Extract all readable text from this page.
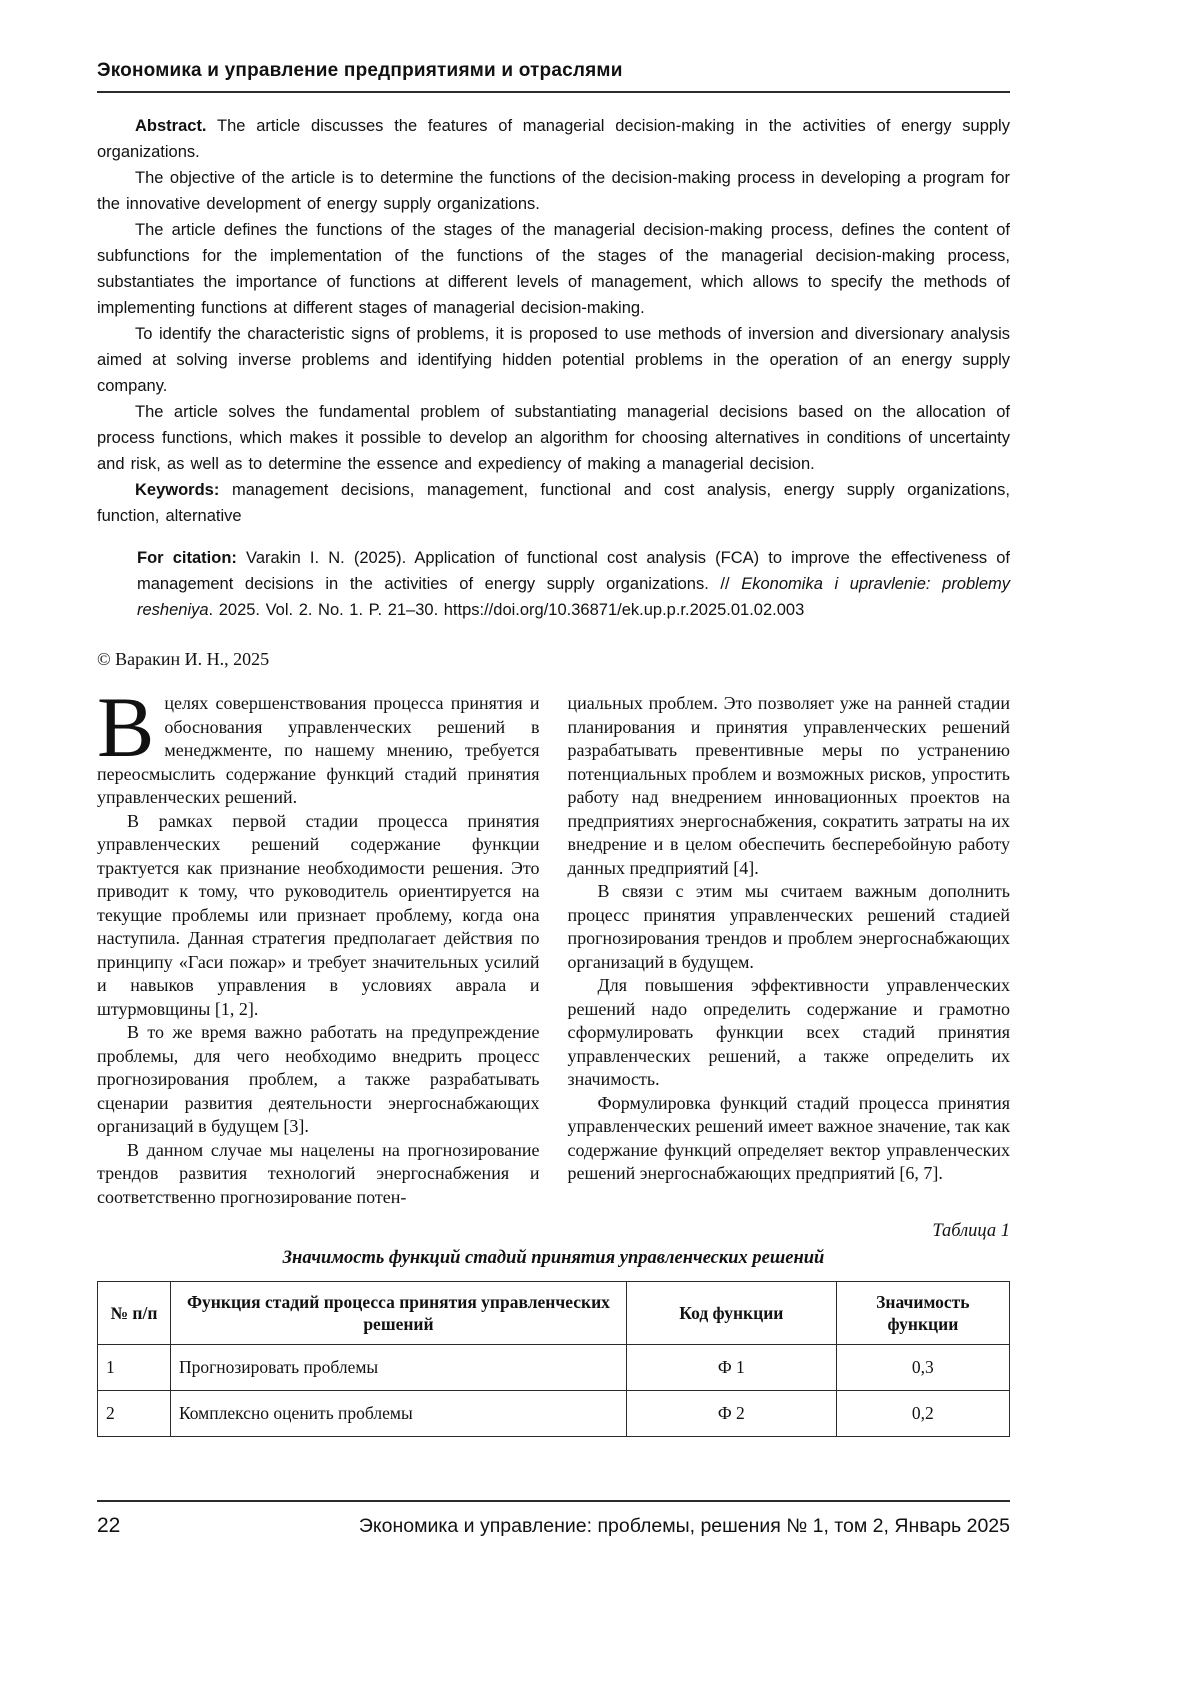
Экономика и управление предприятиями и отраслями

Abstract. The article discusses the features of managerial decision-making in the activities of energy supply organizations.

The objective of the article is to determine the functions of the decision-making process in developing a program for the innovative development of energy supply organizations.

The article defines the functions of the stages of the managerial decision-making process, defines the content of subfunctions for the implementation of the functions of the stages of the managerial decision-making process, substantiates the importance of functions at different levels of management, which allows to specify the methods of implementing functions at different stages of managerial decision-making.

To identify the characteristic signs of problems, it is proposed to use methods of inversion and diversionary analysis aimed at solving inverse problems and identifying hidden potential problems in the operation of an energy supply company.

The article solves the fundamental problem of substantiating managerial decisions based on the allocation of process functions, which makes it possible to develop an algorithm for choosing alternatives in conditions of uncertainty and risk, as well as to determine the essence and expediency of making a managerial decision.

Keywords: management decisions, management, functional and cost analysis, energy supply organizations, function, alternative

For citation: Varakin I. N. (2025). Application of functional cost analysis (FCA) to improve the effectiveness of management decisions in the activities of energy supply organizations. // Ekonomika i upravlenie: problemy resheniya. 2025. Vol. 2. No. 1. P. 21–30. https://doi.org/10.36871/ek.up.p.r.2025.01.02.003

© Варакин И. Н., 2025

Вцелях совершенствования процесса принятия и обоснования управленческих решений в менеджменте, по нашему мнению, требуется переосмыслить содержание функций стадий принятия управленческих решений.

В рамках первой стадии процесса принятия управленческих решений содержание функции трактуется как признание необходимости решения. Это приводит к тому, что руководитель ориентируется на текущие проблемы или признает проблему, когда она наступила. Данная стратегия предполагает действия по принципу «Гаси пожар» и требует значительных усилий и навыков управления в условиях аврала и штурмовщины [1, 2].

В то же время важно работать на предупреждение проблемы, для чего необходимо внедрить процесс прогнозирования проблем, а также разрабатывать сценарии развития деятельности энергоснабжающих организаций в будущем [3].

В данном случае мы нацелены на прогнозирование трендов развития технологий энергоснабжения и соответственно прогнозирование потен-

циальных проблем. Это позволяет уже на ранней стадии планирования и принятия управленческих решений разрабатывать превентивные меры по устранению потенциальных проблем и возможных рисков, упростить работу над внедрением инновационных проектов на предприятиях энергоснабжения, сократить затраты на их внедрение и в целом обеспечить бесперебойную работу данных предприятий [4].

В связи с этим мы считаем важным дополнить процесс принятия управленческих решений стадией прогнозирования трендов и проблем энергоснабжающих организаций в будущем.

Для повышения эффективности управленческих решений надо определить содержание и грамотно сформулировать функции всех стадий принятия управленческих решений, а также определить их значимость.

Формулировка функций стадий процесса принятия управленческих решений имеет важное значение, так как содержание функций определяет вектор управленческих решений энергоснабжающих предприятий [6, 7].

Таблица 1
Значимость функций стадий принятия управленческих решений
№ п/п	Функция стадий процесса принятия управленческих решений	Код функции	Значимость функции
1	Прогнозировать проблемы	Ф 1	0,3
2	Комплексно оценить проблемы	Ф 2	0,2
22	Экономика и управление: проблемы, решения № 1, том 2, Январь 2025
